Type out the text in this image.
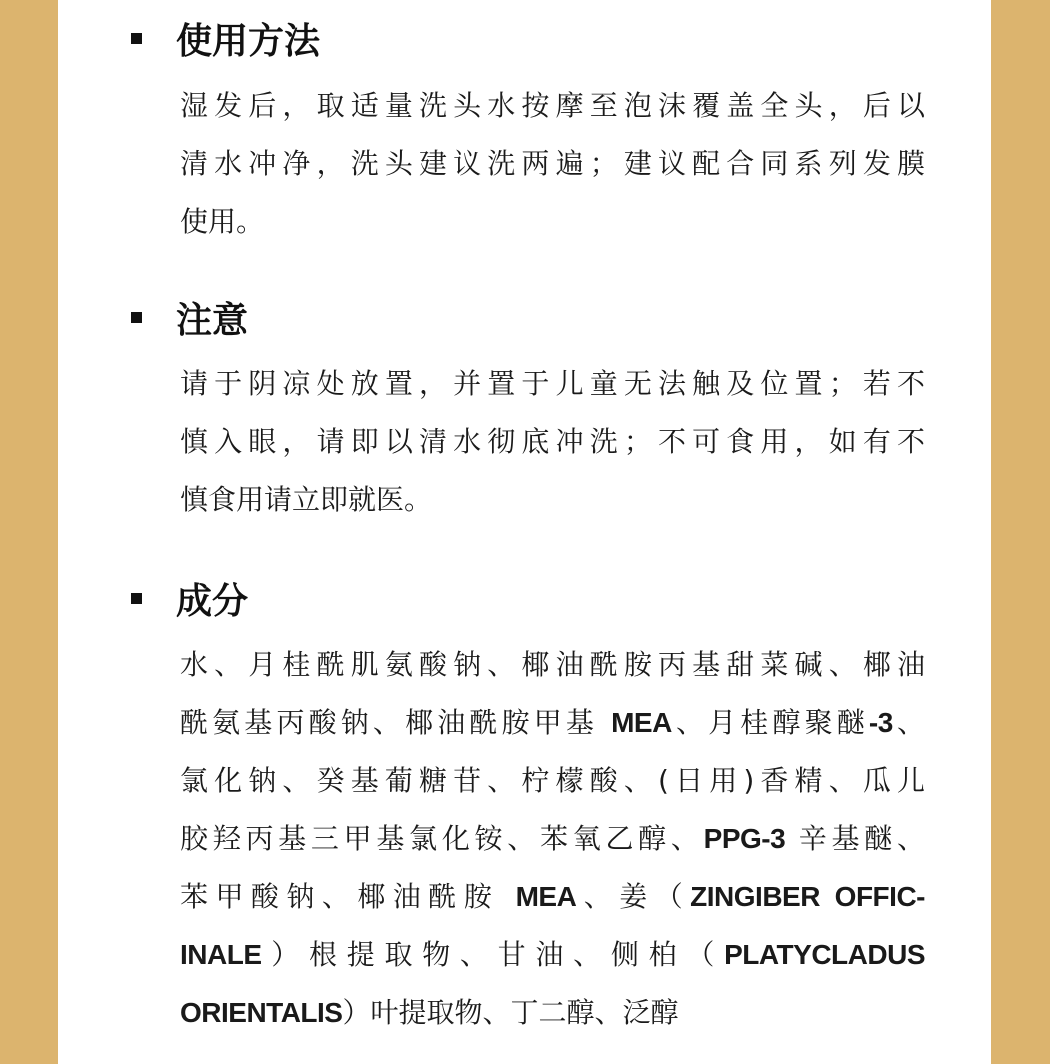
使用方法
湿发后，取适量洗头水按摩至泡沫覆盖全头，后以
清水冲净，洗头建议洗两遍；建议配合同系列发膜
使用。
注意
请于阴凉处放置，并置于儿童无法触及位置；若不
慎入眼，请即以清水彻底冲洗；不可食用，如有不
慎食用请立即就医。
成分
水、月桂酰肌氨酸钠、椰油酰胺丙基甜菜碱、椰油
酰氨基丙酸钠、椰油酰胺甲基 MEA、月桂醇聚醚-3、
氯化钠、癸基葡糖苷、柠檬酸、(日用)香精、瓜儿
胶羟丙基三甲基氯化铵、苯氧乙醇、PPG-3 辛基醚、
苯甲酸钠、椰油酰胺 MEA、姜（ZINGIBER OFFIC-
INALE）根提取物、甘油、侧柏（PLATYCLADUS
ORIENTALIS）叶提取物、丁二醇、泛醇
